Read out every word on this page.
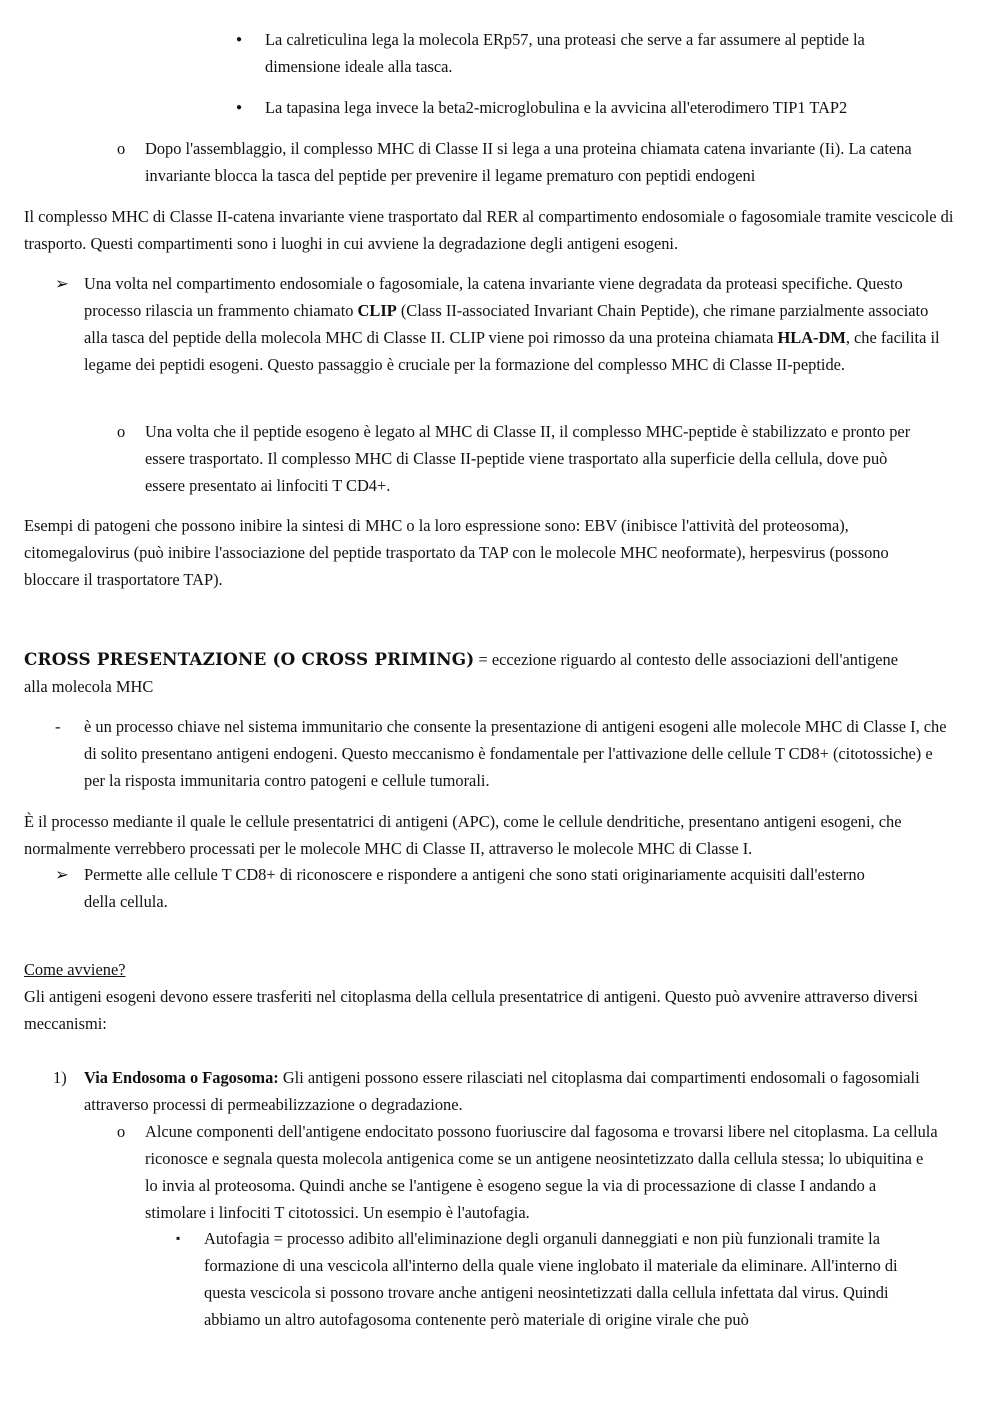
● La calreticulina lega la molecola ERp57, una proteasi che serve a far assumere al peptide la dimensione ideale alla tasca.

● La tapasina lega invece la beta2-microglobulina e la avvicina all'eterodimero TIP1 TAP2

o Dopo l'assemblaggio, il complesso MHC di Classe II si lega a una proteina chiamata catena invariante (Ii). La catena invariante blocca la tasca del peptide per prevenire il legame prematuro con peptidi endogeni

Il complesso MHC di Classe II-catena invariante viene trasportato dal RER al compartimento endosomiale o fagosomiale tramite vescicole di trasporto. Questi compartimenti sono i luoghi in cui avviene la degradazione degli antigeni esogeni.

➢ Una volta nel compartimento endosomiale o fagosomiale, la catena invariante viene degradata da proteasi specifiche. Questo processo rilascia un frammento chiamato CLIP (Class II-associated Invariant Chain Peptide), che rimane parzialmente associato alla tasca del peptide della molecola MHC di Classe II. CLIP viene poi rimosso da una proteina chiamata HLA-DM, che facilita il legame dei peptidi esogeni. Questo passaggio è cruciale per la formazione del complesso MHC di Classe II-peptide.

o Una volta che il peptide esogeno è legato al MHC di Classe II, il complesso MHC-peptide è stabilizzato e pronto per essere trasportato. Il complesso MHC di Classe II-peptide viene trasportato alla superficie della cellula, dove può essere presentato ai linfociti T CD4+.

Esempi di patogeni che possono inibire la sintesi di MHC o la loro espressione sono: EBV (inibisce l'attività del proteosoma), citomegalovirus (può inibire l'associazione del peptide trasportato da TAP con le molecole MHC neoformate), herpesvirus (possono bloccare il trasportatore TAP).

CROSS PRESENTAZIONE (O CROSS PRIMING) = eccezione riguardo al contesto delle associazioni dell'antigene alla molecola MHC

- è un processo chiave nel sistema immunitario che consente la presentazione di antigeni esogeni alle molecole MHC di Classe I, che di solito presentano antigeni endogeni. Questo meccanismo è fondamentale per l'attivazione delle cellule T CD8+ (citotossiche) e per la risposta immunitaria contro patogeni e cellule tumorali.

È il processo mediante il quale le cellule presentatrici di antigeni (APC), come le cellule dendritiche, presentano antigeni esogeni, che normalmente verrebbero processati per le molecole MHC di Classe II, attraverso le molecole MHC di Classe I.

➢ Permette alle cellule T CD8+ di riconoscere e rispondere a antigeni che sono stati originariamente acquisiti dall'esterno della cellula.

Come avviene?

Gli antigeni esogeni devono essere trasferiti nel citoplasma della cellula presentatrice di antigeni. Questo può avvenire attraverso diversi meccanismi:

1) Via Endosoma o Fagosoma: Gli antigeni possono essere rilasciati nel citoplasma dai compartimenti endosomali o fagosomiali attraverso processi di permeabilizzazione o degradazione.

o Alcune componenti dell'antigene endocitato possono fuoriuscire dal fagosoma e trovarsi libere nel citoplasma. La cellula riconosce e segnala questa molecola antigenica come se un antigene neosintetizzato dalla cellula stessa; lo ubiquitina e lo invia al proteosoma. Quindi anche se l'antigene è esogeno segue la via di processazione di classe I andando a stimolare i linfociti T citotossici. Un esempio è l'autofagia.

▪ Autofagia = processo adibito all'eliminazione degli organuli danneggiati e non più funzionali tramite la formazione di una vescicola all'interno della quale viene inglobato il materiale da eliminare. All'interno di questa vescicola si possono trovare anche antigeni neosintetizzati dalla cellula infettata dal virus. Quindi abbiamo un altro autofagosoma contenente però materiale di origine virale che può
